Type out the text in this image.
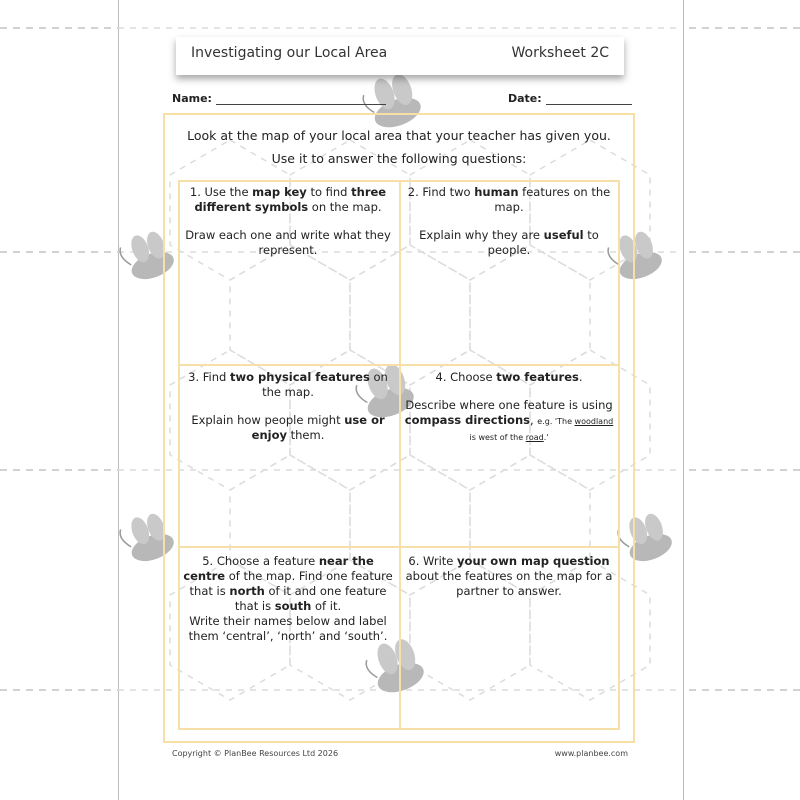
Investigating our Local Area	Worksheet 2C
Name:	Date:
Look at the map of your local area that your teacher has given you.
Use it to answer the following questions:

1. Use the map key to find three different symbols on the map.

Draw each one and write what they represent.

2. Find two human features on the map.

Explain why they are useful to people.

3. Find two physical features on the map.

Explain how people might use or enjoy them.

4. Choose two features.

Describe where one feature is using compass directions, e.g. 'The woodland is west of the road.'

5. Choose a feature near the centre of the map. Find one feature that is north of it and one feature that is south of it.

Write their names below and label them ‘central’, ‘north’ and ‘south’.

6. Write your own map question about the features on the map for a partner to answer.

Copyright © PlanBee Resources Ltd 2026	www.planbee.com
